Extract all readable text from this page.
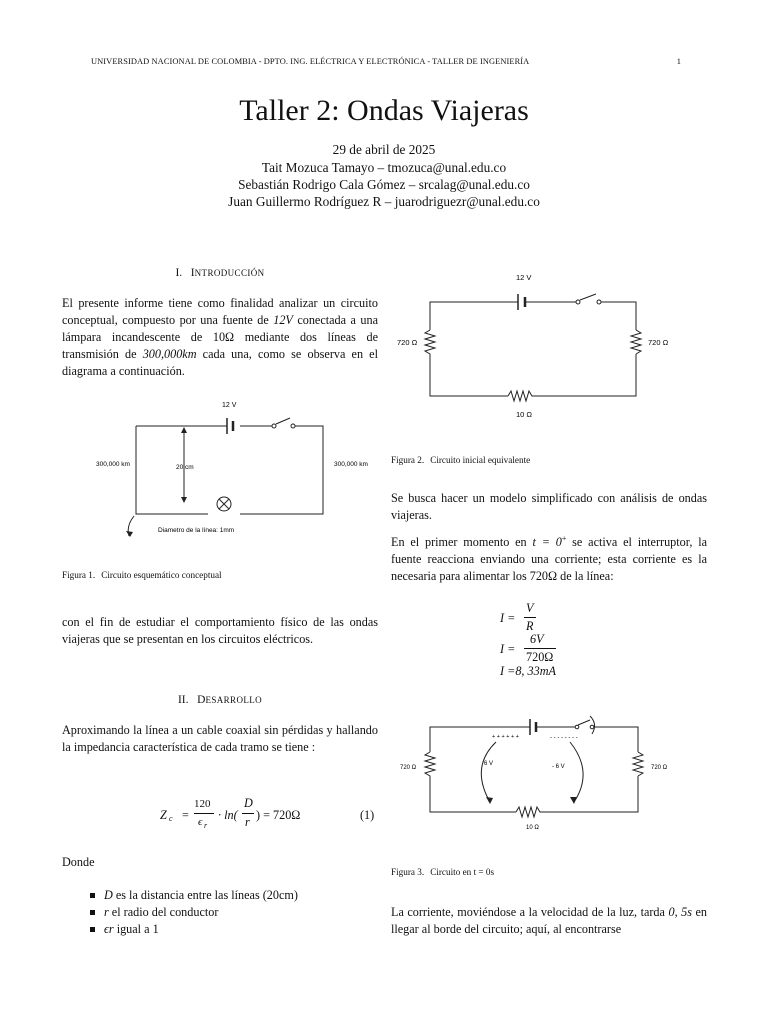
UNIVERSIDAD NACIONAL DE COLOMBIA - DPTO. ING. ELÉCTRICA Y ELECTRÓNICA - TALLER DE INGENIERÍA	1
Taller 2: Ondas Viajeras
29 de abril de 2025
Tait Mozuca Tamayo – tmozuca@unal.edu.co
Sebastián Rodrigo Cala Gómez – srcalag@unal.edu.co
Juan Guillermo Rodríguez R – juarodriguezr@unal.edu.co
I. INTRODUCCIÓN
El presente informe tiene como finalidad analizar un circuito conceptual, compuesto por una fuente de 12V conectada a una lámpara incandescente de 10Ω mediante dos líneas de transmisión de 300,000km cada una, como se observa en el diagrama a continuación.
12 V
300,000 km	300,000 km
20 cm
Diametro de la línea: 1mm
Figura 1. Circuito esquemático conceptual
con el fin de estudiar el comportamiento físico de las ondas viajeras que se presentan en los circuitos eléctricos.
II. DESARROLLO
Aproximando la línea a un cable coaxial sin pérdidas y hallando la impedancia característica de cada tramo se tiene :
Z c =
120
ϵ r
· ln(
D
r ) = 720Ω	(1)
Donde
D es la distancia entre las líneas (20cm)
r el radio del conductor
ϵr igual a 1
12 V
720 Ω	720 Ω
10 Ω
Figura 2. Circuito inicial equivalente
Se busca hacer un modelo simplificado con análisis de ondas viajeras.
En el primer momento en t = 0+ se activa el interruptor, la fuente reacciona enviando una corriente; esta corriente es la necesaria para alimentar los 720Ω de la línea:
I =
V
R
I =
6V
720Ω
I =8, 33mA
+ + + + + +	- - - - - - - -
6 V	- 6 V
720 Ω	720 Ω
10 Ω
Figura 3. Circuito en t = 0s
La corriente, moviéndose a la velocidad de la luz, tarda 0, 5s en llegar al borde del circuito; aquí, al encontrarse
